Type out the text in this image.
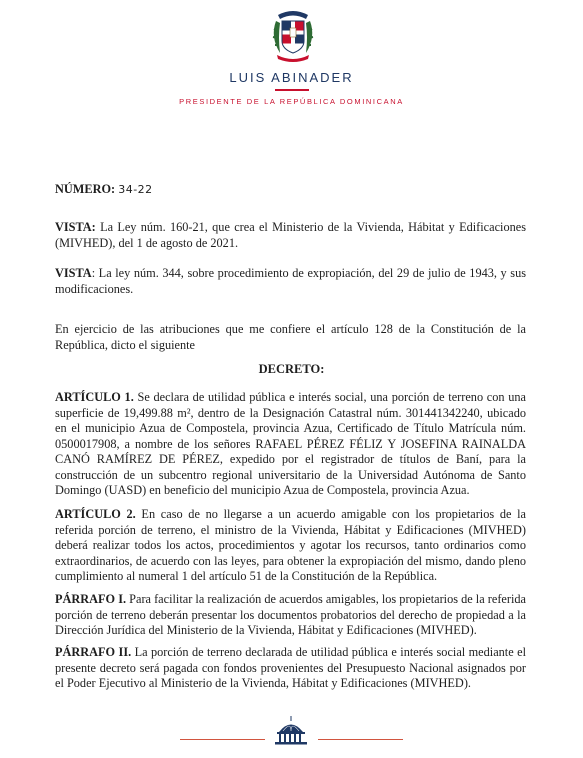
LUIS ABINADER
PRESIDENTE DE LA REPÚBLICA DOMINICANA
NÚMERO: 34-22
VISTA: La Ley núm. 160-21, que crea el Ministerio de la Vivienda, Hábitat y Edificaciones (MIVHED), del 1 de agosto de 2021.
VISTA: La ley núm. 344, sobre procedimiento de expropiación, del 29 de julio de 1943, y sus modificaciones.
En ejercicio de las atribuciones que me confiere el artículo 128 de la Constitución de la República, dicto el siguiente
DECRETO:
ARTÍCULO 1. Se declara de utilidad pública e interés social, una porción de terreno con una superficie de 19,499.88 m², dentro de la Designación Catastral núm. 301441342240, ubicado en el municipio Azua de Compostela, provincia Azua, Certificado de Título Matrícula núm. 0500017908, a nombre de los señores RAFAEL PÉREZ FÉLIZ Y JOSEFINA RAINALDA CANÓ RAMÍREZ DE PÉREZ, expedido por el registrador de títulos de Baní, para la construcción de un subcentro regional universitario de la Universidad Autónoma de Santo Domingo (UASD) en beneficio del municipio Azua de Compostela, provincia Azua.
ARTÍCULO 2. En caso de no llegarse a un acuerdo amigable con los propietarios de la referida porción de terreno, el ministro de la Vivienda, Hábitat y Edificaciones (MIVHED) deberá realizar todos los actos, procedimientos y agotar los recursos, tanto ordinarios como extraordinarios, de acuerdo con las leyes, para obtener la expropiación del mismo, dando pleno cumplimiento al numeral 1 del artículo 51 de la Constitución de la República.
PÁRRAFO I. Para facilitar la realización de acuerdos amigables, los propietarios de la referida porción de terreno deberán presentar los documentos probatorios del derecho de propiedad a la Dirección Jurídica del Ministerio de la Vivienda, Hábitat y Edificaciones (MIVHED).
PÁRRAFO II. La porción de terreno declarada de utilidad pública e interés social mediante el presente decreto será pagada con fondos provenientes del Presupuesto Nacional asignados por el Poder Ejecutivo al Ministerio de la Vivienda, Hábitat y Edificaciones (MIVHED).
